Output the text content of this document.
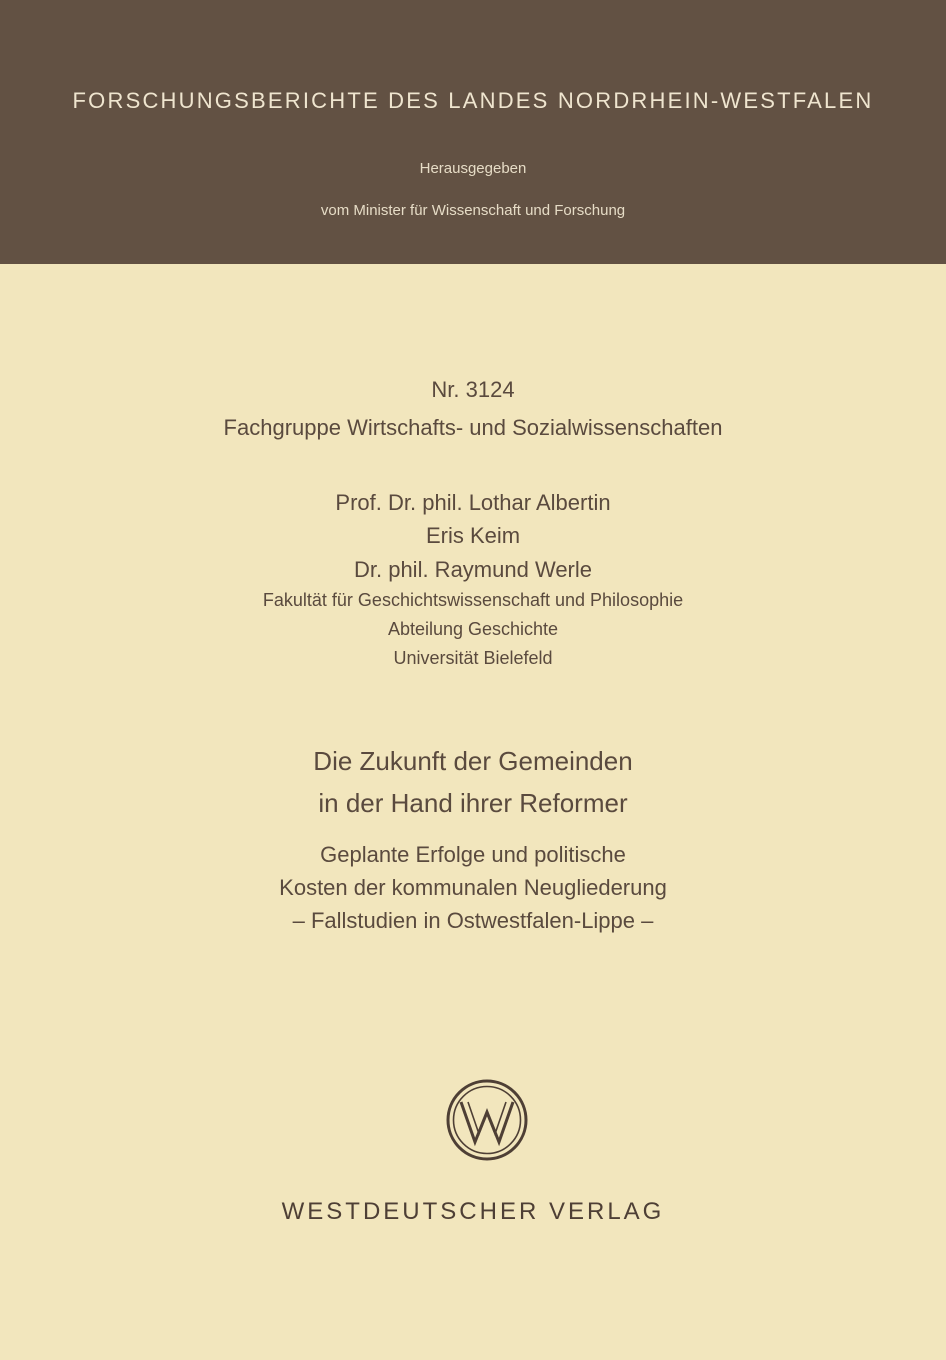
FORSCHUNGSBERICHTE DES LANDES NORDRHEIN-WESTFALEN
Herausgegeben
vom Minister für Wissenschaft und Forschung
Nr. 3124
Fachgruppe Wirtschafts- und Sozialwissenschaften
Prof. Dr. phil. Lothar Albertin
Eris Keim
Dr. phil. Raymund Werle
Fakultät für Geschichtswissenschaft und Philosophie
Abteilung Geschichte
Universität Bielefeld
Die Zukunft der Gemeinden
in der Hand ihrer Reformer
Geplante Erfolge und politische
Kosten der kommunalen Neugliederung
– Fallstudien in Ostwestfalen-Lippe –
WESTDEUTSCHER VERLAG
